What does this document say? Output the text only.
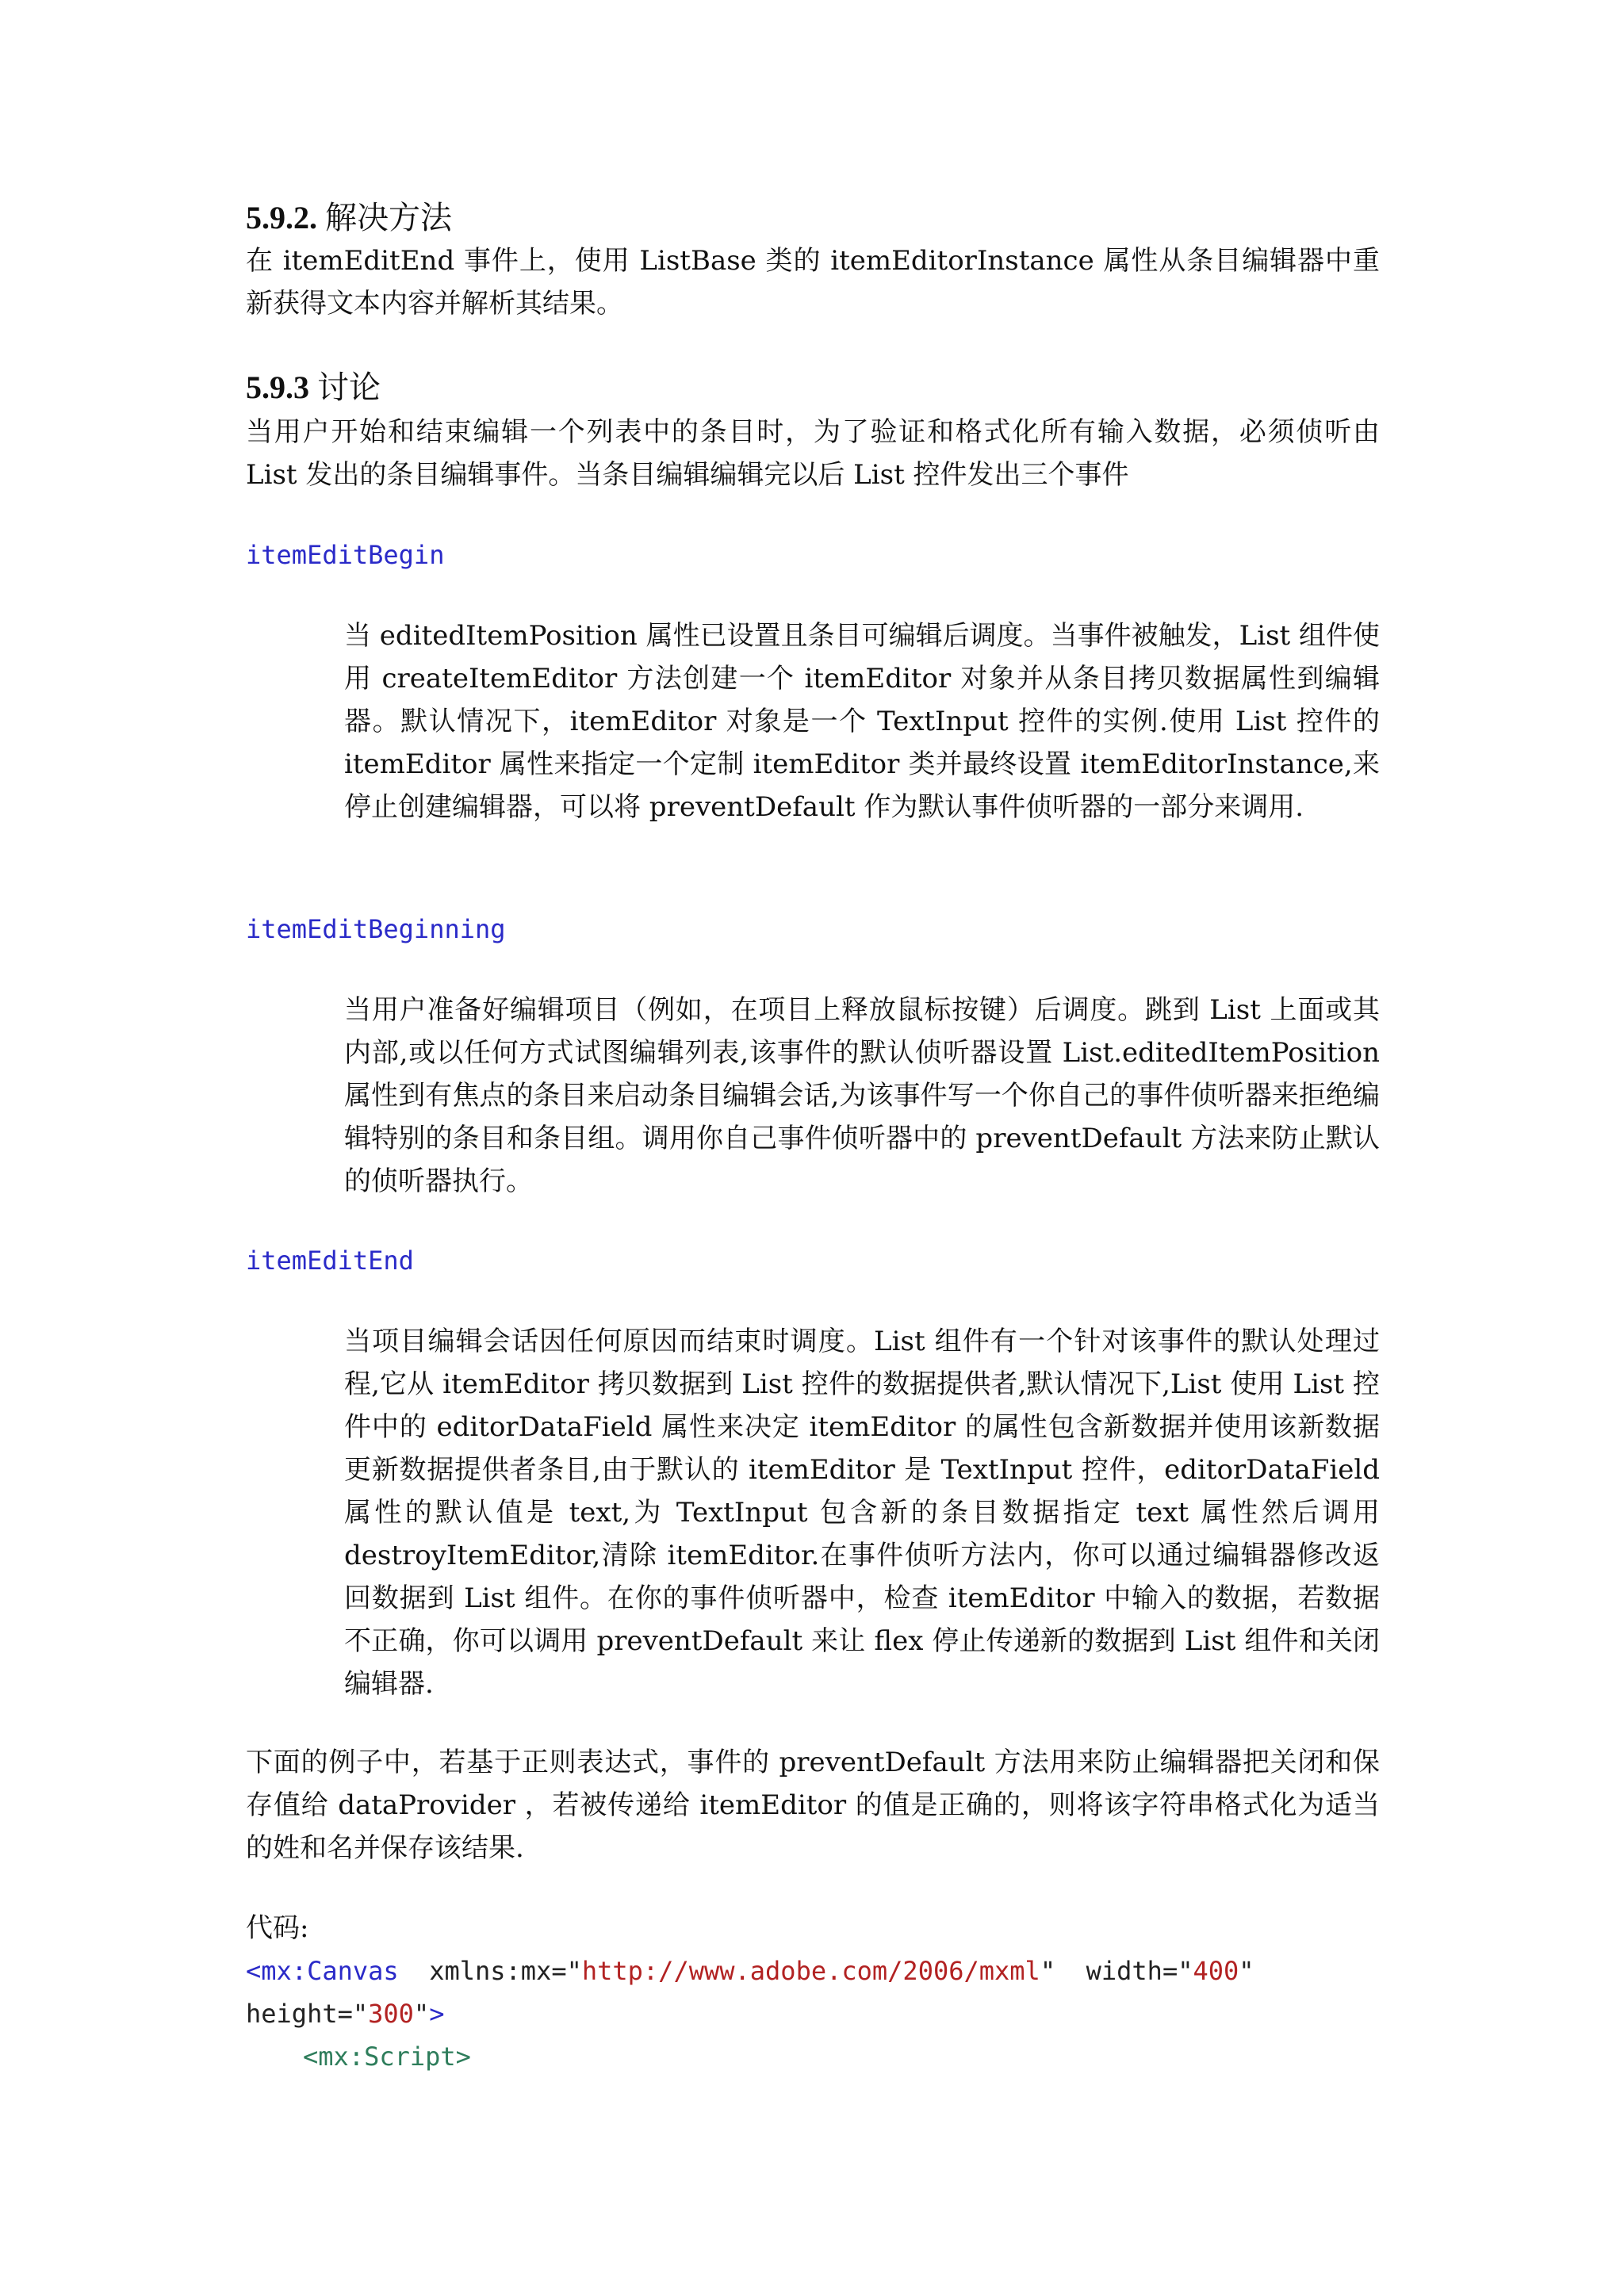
5.9.2. 解决方法

在 itemEditEnd 事件上，使用 ListBase 类的 itemEditorInstance 属性从条目编辑器中重新获得文本内容并解析其结果。

5.9.3 讨论

当用户开始和结束编辑一个列表中的条目时，为了验证和格式化所有输入数据，必须侦听由 List 发出的条目编辑事件。当条目编辑编辑完以后 List 控件发出三个事件

itemEditBegin

当 editedItemPosition 属性已设置且条目可编辑后调度。当事件被触发，List 组件使用 createItemEditor 方法创建一个 itemEditor 对象并从条目拷贝数据属性到编辑器。默认情况下，itemEditor 对象是一个 TextInput 控件的实例.使用 List 控件的 itemEditor 属性来指定一个定制 itemEditor 类并最终设置 itemEditorInstance,来停止创建编辑器，可以将 preventDefault 作为默认事件侦听器的一部分来调用.

itemEditBeginning

当用户准备好编辑项目（例如，在项目上释放鼠标按键）后调度。跳到 List 上面或其内部,或以任何方式试图编辑列表,该事件的默认侦听器设置 List.editedItemPosition 属性到有焦点的条目来启动条目编辑会话,为该事件写一个你自己的事件侦听器来拒绝编辑特别的条目和条目组。调用你自己事件侦听器中的 preventDefault 方法来防止默认的侦听器执行。

itemEditEnd

当项目编辑会话因任何原因而结束时调度。List 组件有一个针对该事件的默认处理过程,它从 itemEditor 拷贝数据到 List 控件的数据提供者,默认情况下,List 使用 List 控件中的 editorDataField 属性来决定 itemEditor 的属性包含新数据并使用该新数据更新数据提供者条目,由于默认的 itemEditor 是 TextInput 控件，editorDataField 属性的默认值是 text,为 TextInput 包含新的条目数据指定 text 属性然后调用 destroyItemEditor,清除 itemEditor.在事件侦听方法内，你可以通过编辑器修改返回数据到 List 组件。在你的事件侦听器中，检查 itemEditor 中输入的数据，若数据不正确，你可以调用 preventDefault 来让 flex 停止传递新的数据到 List 组件和关闭编辑器.

下面的例子中，若基于正则表达式，事件的 preventDefault 方法用来防止编辑器把关闭和保存值给 dataProvider ，若被传递给 itemEditor 的值是正确的，则将该字符串格式化为适当的姓和名并保存该结果.

代码:

<mx:Canvas xmlns:mx="http://www.adobe.com/2006/mxml" width="400"

height="300">

<mx:Script>
